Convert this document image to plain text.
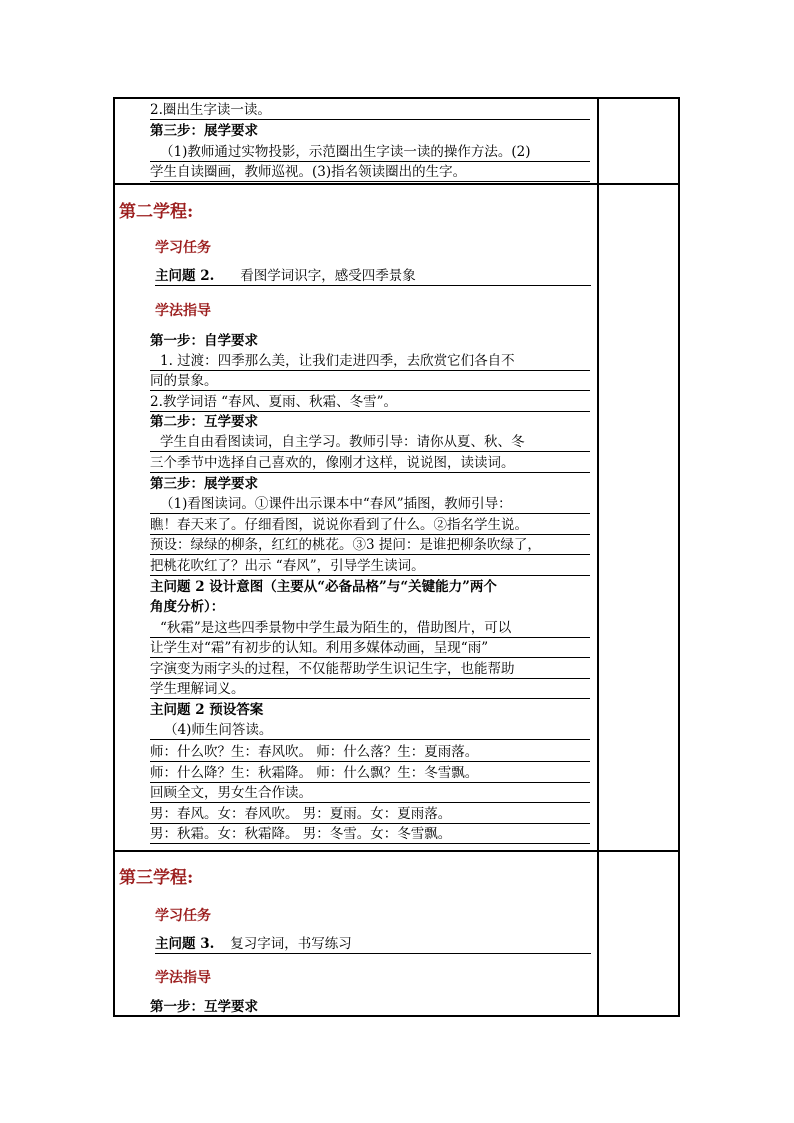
2.圈出生字读一读。
第三步：展学要求
（1)教师通过实物投影，示范圈出生字读一读的操作方法。(2)
学生自读圈画，教师巡视。(3)指名领读圈出的生字。
第二学程:
学习任务
主问题 2. 看图学词识字，感受四季景象
学法指导
第一步：自学要求
1. 过渡：四季那么美，让我们走进四季，去欣赏它们各自不
同的景象。
2.教学词语 “春风、夏雨、秋霜、冬雪”。
第二步：互学要求
学生自由看图读词，自主学习。教师引导：请你从夏、秋、冬
三个季节中选择自己喜欢的，像刚才这样，说说图，读读词。
第三步：展学要求
（1)看图读词。①课件出示课本中“春风”插图，教师引导：
瞧！春天来了。仔细看图，说说你看到了什么。②指名学生说。
预设：绿绿的柳条，红红的桃花。③3 提问：是谁把柳条吹绿了，
把桃花吹红了？出示 “春风”，引导学生读词。
主问题 2 设计意图（主要从“必备品格”与“关键能力”两个
角度分析）：
“秋霜”是这些四季景物中学生最为陌生的，借助图片，可以
让学生对“霜”有初步的认知。利用多媒体动画，呈现“雨”
字演变为雨字头的过程，不仅能帮助学生识记生字，也能帮助
学生理解词义。
主问题 2 预设答案
（4)师生问答读。
师：什么吹？生：春风吹。 师：什么落？生：夏雨落。
师：什么降？生：秋霜降。 师：什么飘？生：冬雪飘。
回顾全文，男女生合作读。
男：春风。女：春风吹。 男：夏雨。女：夏雨落。
男：秋霜。女：秋霜降。 男：冬雪。女：冬雪飘。
第三学程:
学习任务
主问题 3. 复习字词，书写练习
学法指导
第一步：互学要求
